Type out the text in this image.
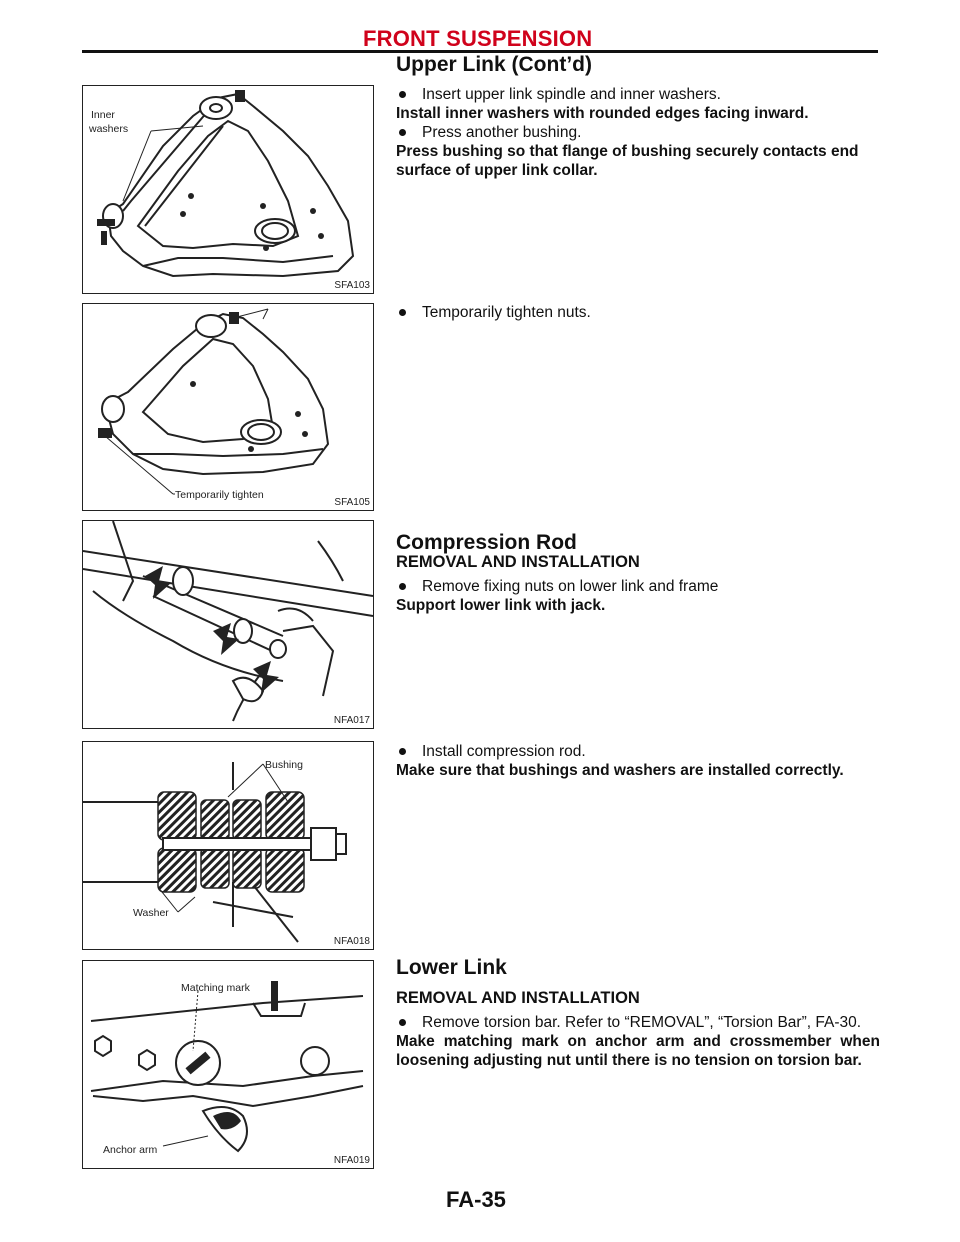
FRONT SUSPENSION
Upper Link (Cont’d)
Inner
washers
SFA103
Temporarily tighten
SFA105
NFA017
Bushing
Washer
NFA018
Matching mark
Anchor arm
NFA019
Insert upper link spindle and inner washers.
Install inner washers with rounded edges facing inward.
Press another bushing.
Press bushing so that flange of bushing securely contacts end surface of upper link collar.
Temporarily tighten nuts.
Compression Rod
REMOVAL AND INSTALLATION
Remove fixing nuts on lower link and frame
Support lower link with jack.
Install compression rod.
Make sure that bushings and washers are installed correctly.
Lower Link
REMOVAL AND INSTALLATION
Remove torsion bar. Refer to “REMOVAL”, “Torsion Bar”, FA-30.
Make matching mark on anchor arm and crossmember when loosening adjusting nut until there is no tension on torsion bar.
FA-35
